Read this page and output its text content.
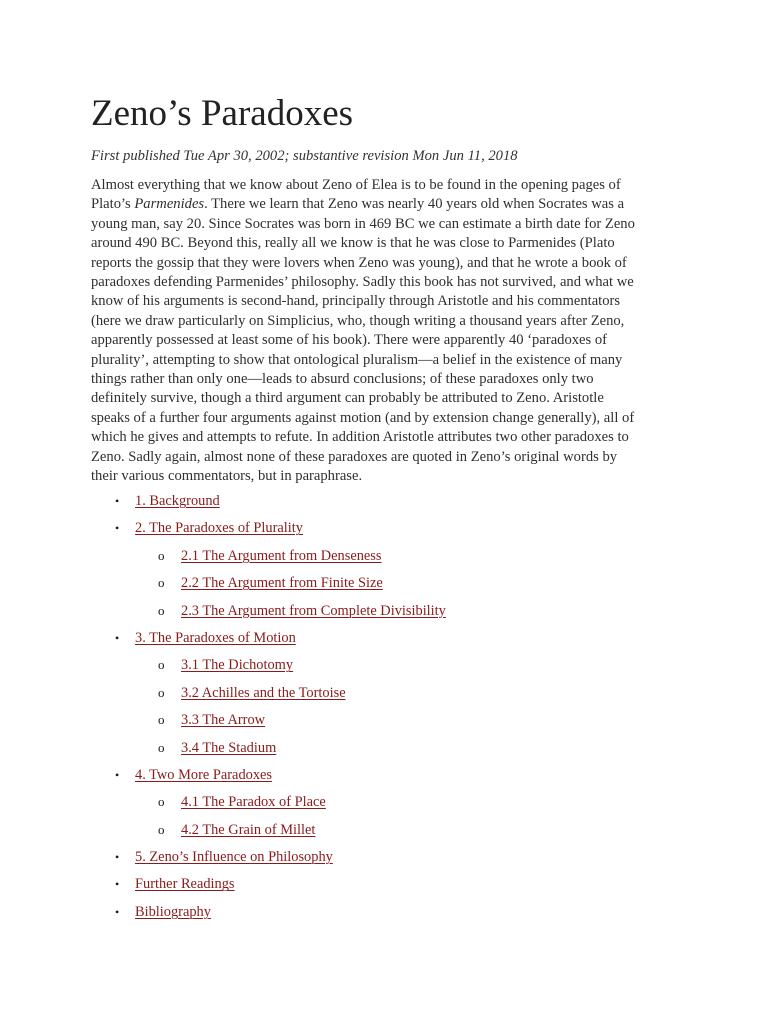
Zeno’s Paradoxes

First published Tue Apr 30, 2002; substantive revision Mon Jun 11, 2018

Almost everything that we know about Zeno of Elea is to be found in the opening pages of
Plato’s Parmenides. There we learn that Zeno was nearly 40 years old when Socrates was a
young man, say 20. Since Socrates was born in 469 BC we can estimate a birth date for Zeno
around 490 BC. Beyond this, really all we know is that he was close to Parmenides (Plato
reports the gossip that they were lovers when Zeno was young), and that he wrote a book of
paradoxes defending Parmenides’ philosophy. Sadly this book has not survived, and what we
know of his arguments is second-hand, principally through Aristotle and his commentators
(here we draw particularly on Simplicius, who, though writing a thousand years after Zeno,
apparently possessed at least some of his book). There were apparently 40 ‘paradoxes of
plurality’, attempting to show that ontological pluralism—a belief in the existence of many
things rather than only one—leads to absurd conclusions; of these paradoxes only two
definitely survive, though a third argument can probably be attributed to Zeno. Aristotle
speaks of a further four arguments against motion (and by extension change generally), all of
which he gives and attempts to refute. In addition Aristotle attributes two other paradoxes to
Zeno. Sadly again, almost none of these paradoxes are quoted in Zeno’s original words by
their various commentators, but in paraphrase.

• 1. Background
• 2. The Paradoxes of Plurality
o 2.1 The Argument from Denseness
o 2.2 The Argument from Finite Size
o 2.3 The Argument from Complete Divisibility
• 3. The Paradoxes of Motion
o 3.1 The Dichotomy
o 3.2 Achilles and the Tortoise
o 3.3 The Arrow
o 3.4 The Stadium
• 4. Two More Paradoxes
o 4.1 The Paradox of Place
o 4.2 The Grain of Millet
• 5. Zeno’s Influence on Philosophy
• Further Readings
• Bibliography
